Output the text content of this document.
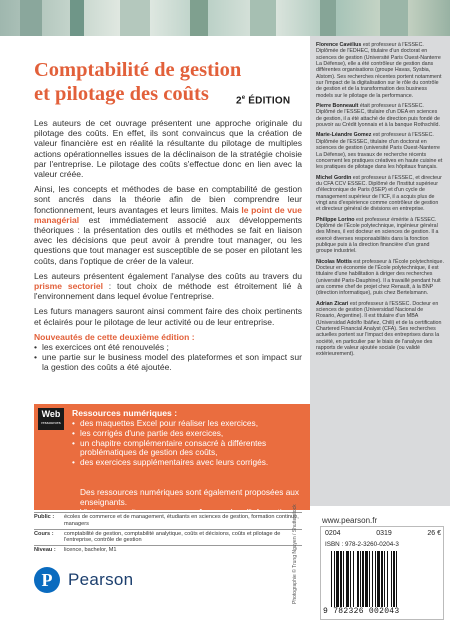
Comptabilité de gestion
et pilotage des coûts	2e ÉDITION

Les auteurs de cet ouvrage présentent une approche originale du pilotage des coûts. En effet, ils sont convaincus que la création de valeur financière est en réalité la résultante du pilotage de multiples actions opérationnelles issues de la déclinaison de la stratégie choisie par l'entreprise. Le pilotage des coûts s'effectue donc en lien avec la valeur créée.

Ainsi, les concepts et méthodes de base en comptabilité de gestion sont ancrés dans la théorie afin de bien comprendre leur fonctionnement, leurs avantages et leurs limites. Mais le point de vue managérial est immédiatement associé aux développements théoriques : la présentation des outils et méthodes se fait en liaison avec les décisions que peut avoir à prendre tout manager, ou les questions que tout manager est susceptible de se poser en pilotant les coûts, dans l'optique de créer de la valeur.

Les auteurs présentent également l'analyse des coûts au travers du prisme sectoriel : tout choix de méthode est étroitement lié à l'environnement dans lequel évolue l'entreprise.

Les futurs managers sauront ainsi comment faire des choix pertinents et éclairés pour le pilotage de leur activité ou de leur entreprise.

Nouveautés de cette deuxième édition :
• les exercices ont été renouvelés ;
• une partie sur le business model des plateformes et son impact sur la gestion des coûts a été ajoutée.
Web
ressources
Ressources numériques :
• des maquettes Excel pour réaliser les exercices,
• les corrigés d'une partie des exercices,
• un chapitre complémentaire consacré à différentes problématiques de gestion des coûts,
• des exercices supplémentaires avec leurs corrigés.
Des ressources numériques sont également proposées aux enseignants.
Visitez notre site www.pearson.fr pour plus d'informations.

Florence Cavélius est professeur à l'ESSEC. Diplômée de l'EDHEC, titulaire d'un doctorat en sciences de gestion (Université Paris Ouest-Nanterre La Défense), elle a été contrôleur de gestion dans différentes organisations (groupe Havas, Sysbia, Alstom). Ses recherches récentes portent notamment sur l'impact de la digitalisation sur le rôle du contrôle de gestion et de la transformation des business models sur le pilotage de la performance.

Pierre Bonneault était professeur à l'ESSEC. Diplômé de l'ESSEC, titulaire d'un DEA en sciences de gestion, il a été attaché de direction puis fondé de pouvoir au Crédit lyonnais et à la banque Rothschild.

Marie-Léandre Gomez est professeur à l'ESSEC. Diplômée de l'ESSEC, titulaire d'un doctorat en sciences de gestion (université Paris Ouest-Nanterre La Défense), ses travaux de recherche récents concernent les pratiques créatives en haute cuisine et les pratiques de pilotage dans les hôpitaux français.

Michel Gordin est professeur à l'ESSEC, et directeur du CFA CCV ESSEC. Diplômé de l'Institut supérieur d'électronique de Paris (ISEP) et d'un cycle de management supérieur de l'ICF, il a acquis plus de vingt ans d'expérience comme contrôleur de gestion et directeur général de divisions en entreprise.

Philippe Lorino est professeur émérite à l'ESSEC. Diplômé de l'École polytechnique, ingénieur général des Mines, il est docteur en sciences de gestion. Il a exercé diverses responsabilités dans la fonction publique puis à la direction financière d'un grand groupe industriel.

Nicolas Mottis est professeur à l'École polytechnique. Docteur en économie de l'École polytechnique, il est titulaire d'une habilitation à diriger des recherches (université Paris-Dauphine). Il a travaillé pendant huit ans comme chef de projet chez Renault, à la BNP (direction informatique), puis chez Bertelsmann.

Adrian Zicari est professeur à l'ESSEC. Docteur en sciences de gestion (Universidad Nacional de Rosario, Argentine). Il est titulaire d'un MBA (Universidad Adolfo Ibáñez, Chili) et de la certification Chartered Financial Analyst (CFA). Ses recherches actuelles portent sur l'impact des entreprises dans la société, en particulier par le biais de l'analyse des rapports de valeur ajoutée sociale (ou validé extérieurement).

www.pearson.fr
Public :	écoles de commerce et de management, étudiants en sciences de gestion, formation continue, managers
Cours :	comptabilité de gestion, comptabilité analytique, coûts et décisions, coûts et pilotage de l'entreprise, contrôle de gestion
Niveau :	licence, bachelor, M1
P Pearson	Photographie © Trung Nguyen / Shutterstock	0204	0319	26 €
ISBN : 978-2-3260-0204-3
9 782326 002043
